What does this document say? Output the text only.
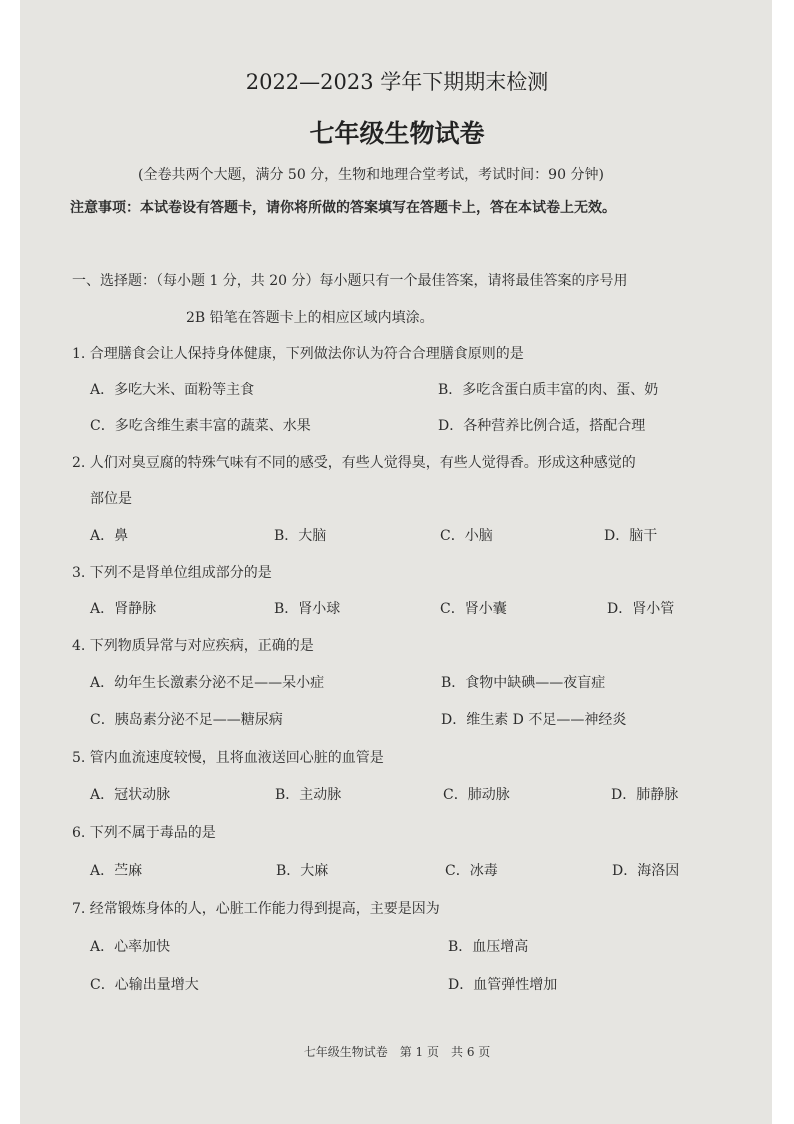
2022—2023 学年下期期末检测
七年级生物试卷
(全卷共两个大题，满分 50 分，生物和地理合堂考试，考试时间：90 分钟)
注意事项：本试卷设有答题卡，请你将所做的答案填写在答题卡上，答在本试卷上无效。
一、选择题：（每小题 1 分，共 20 分）每小题只有一个最佳答案，请将最佳答案的序号用
2B 铅笔在答题卡上的相应区域内填涂。
1. 合理膳食会让人保持身体健康，下列做法你认为符合合理膳食原则的是
A．多吃大米、面粉等主食	B．多吃含蛋白质丰富的肉、蛋、奶
C．多吃含维生素丰富的蔬菜、水果	D．各种营养比例合适，搭配合理
2. 人们对臭豆腐的特殊气味有不同的感受，有些人觉得臭，有些人觉得香。形成这种感觉的
部位是
A．鼻	B．大脑	C．小脑	D．脑干
3. 下列不是肾单位组成部分的是
A．肾静脉	B．肾小球	C．肾小囊	D．肾小管
4. 下列物质异常与对应疾病，正确的是
A．幼年生长激素分泌不足——呆小症	B．食物中缺碘——夜盲症
C．胰岛素分泌不足——糖尿病	D．维生素 D 不足——神经炎
5. 管内血流速度较慢，且将血液送回心脏的血管是
A．冠状动脉	B．主动脉	C．肺动脉	D．肺静脉
6. 下列不属于毒品的是
A．苎麻	B．大麻	C．冰毒	D．海洛因
7. 经常锻炼身体的人，心脏工作能力得到提高，主要是因为
A．心率加快	B．血压增高
C．心输出量增大	D．血管弹性增加
七年级生物试卷　第 1 页　共 6 页
